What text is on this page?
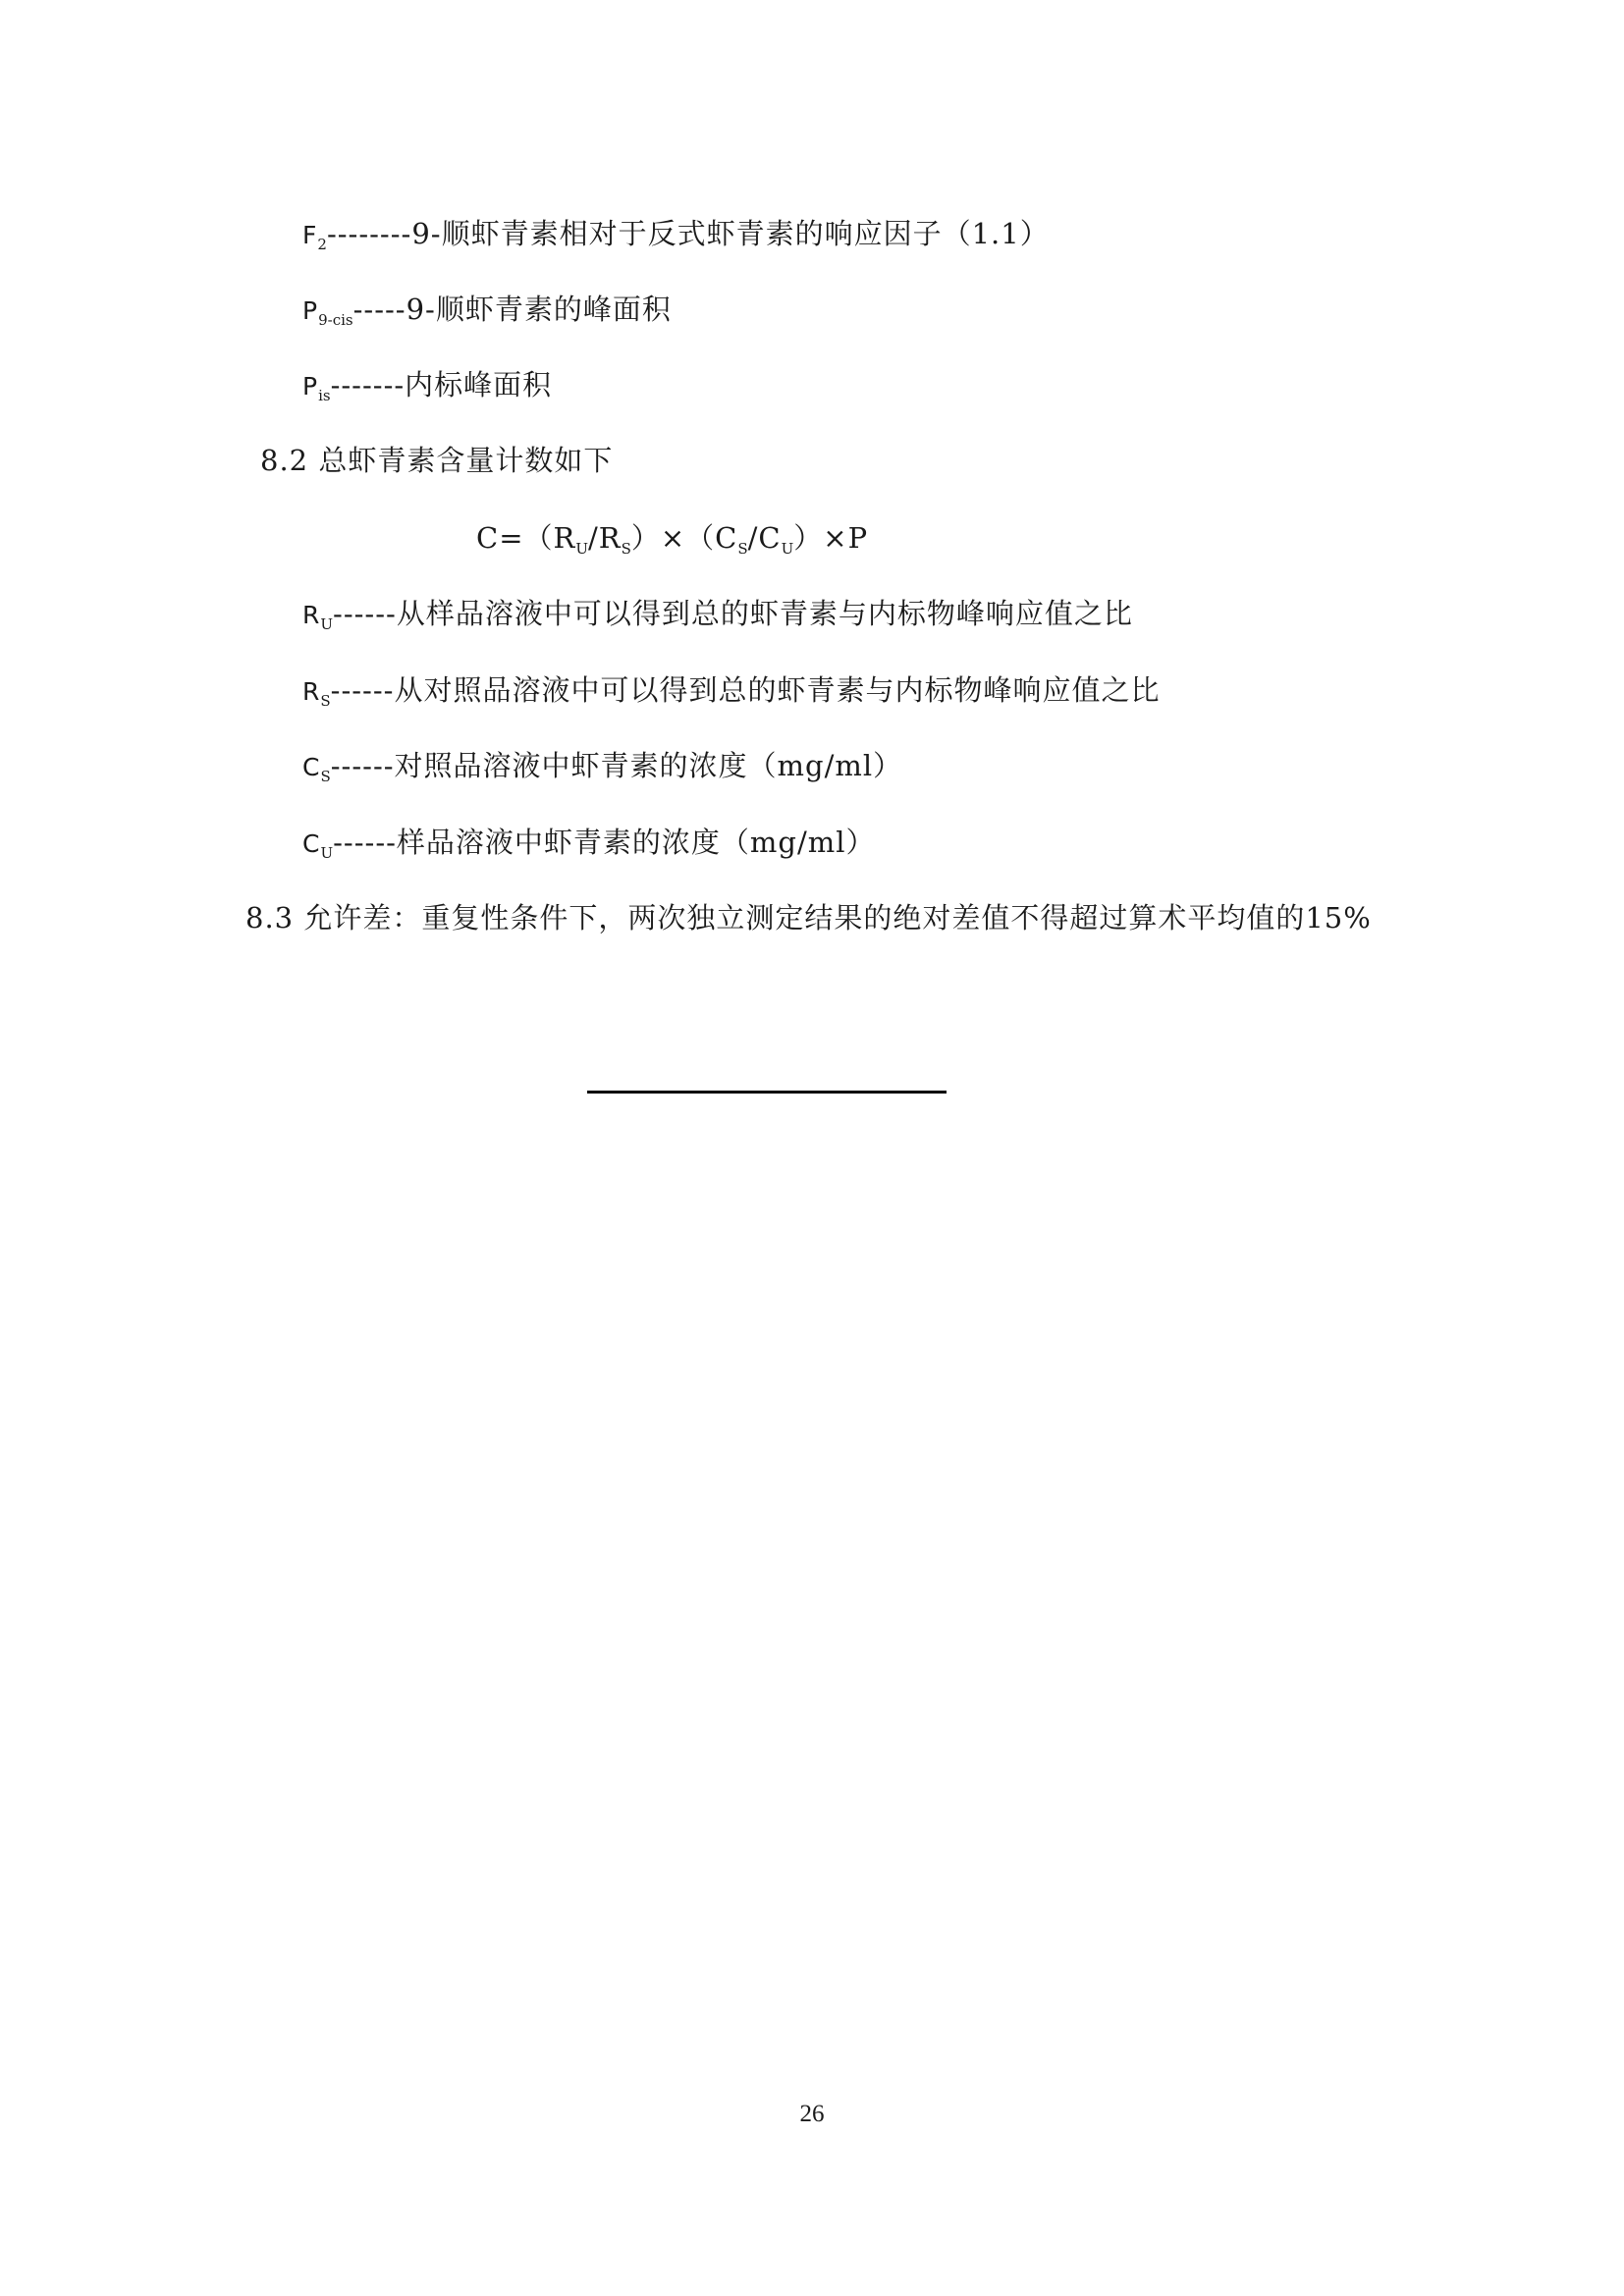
$F_2--------9-$顺虾青素相对于反式虾青素的响应因子（1.1）
$P_{9-cis}-----9-$顺虾青素的峰面积
$P_{is}-------$内标峰面积
8.2 总虾青素含量计数如下
$C=(R_U/R_S)\times(C_S/C_U)\times P$
$R_U------$从样品溶液中可以得到总的虾青素与内标物峰响应值之比
$R_S------$从对照品溶液中可以得到总的虾青素与内标物峰响应值之比
$C_S------$对照品溶液中虾青素的浓度（mg/ml）
$C_U------$样品溶液中虾青素的浓度（mg/ml）
8.3 允许差：重复性条件下，两次独立测定结果的绝对差值不得超过算术平均值的15%
26
